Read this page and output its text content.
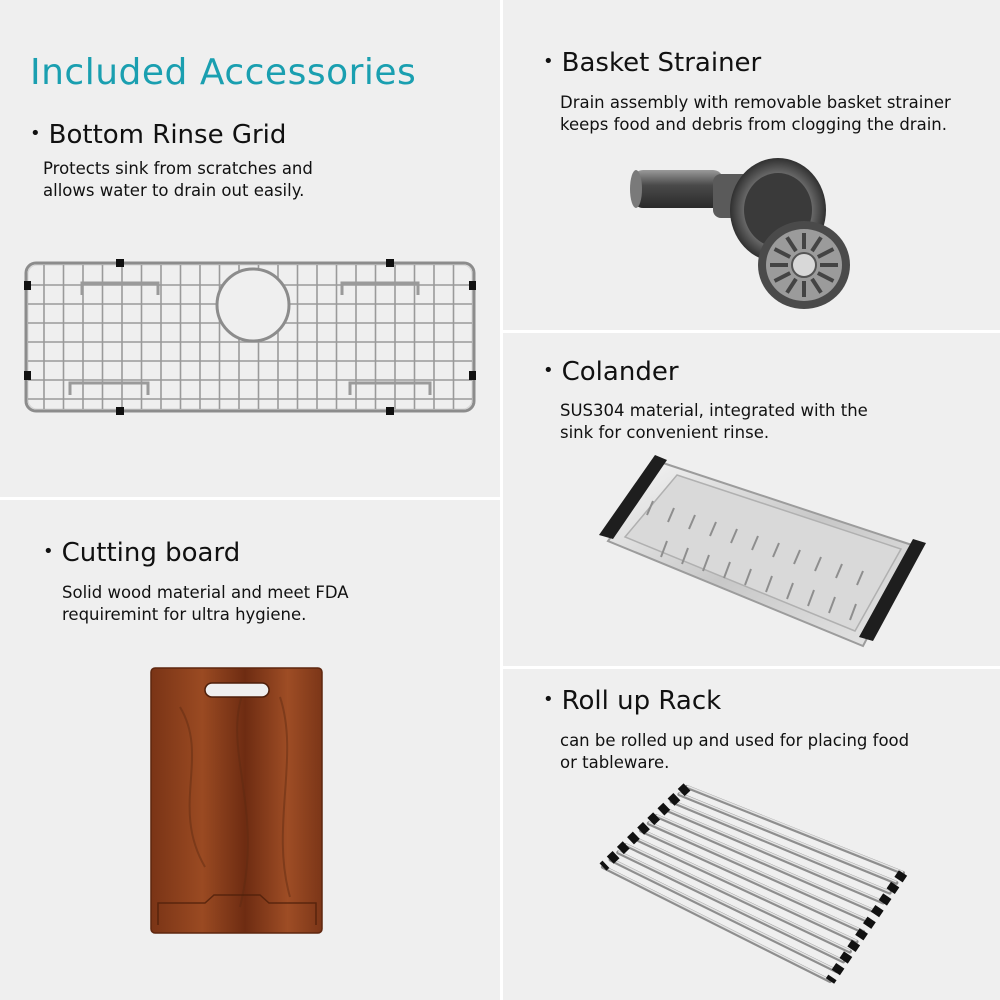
Included Accessories
• Bottom Rinse Grid
Protects sink from scratches and
allows water to drain out easily.
• Basket Strainer
Drain assembly with removable basket strainer
keeps food and debris from clogging the drain.
• Colander
SUS304 material, integrated with the
sink for convenient rinse.
• Cutting board
Solid wood material and meet FDA
requiremint for ultra hygiene.
• Roll up Rack
can be rolled up and used for placing food
or tableware.
